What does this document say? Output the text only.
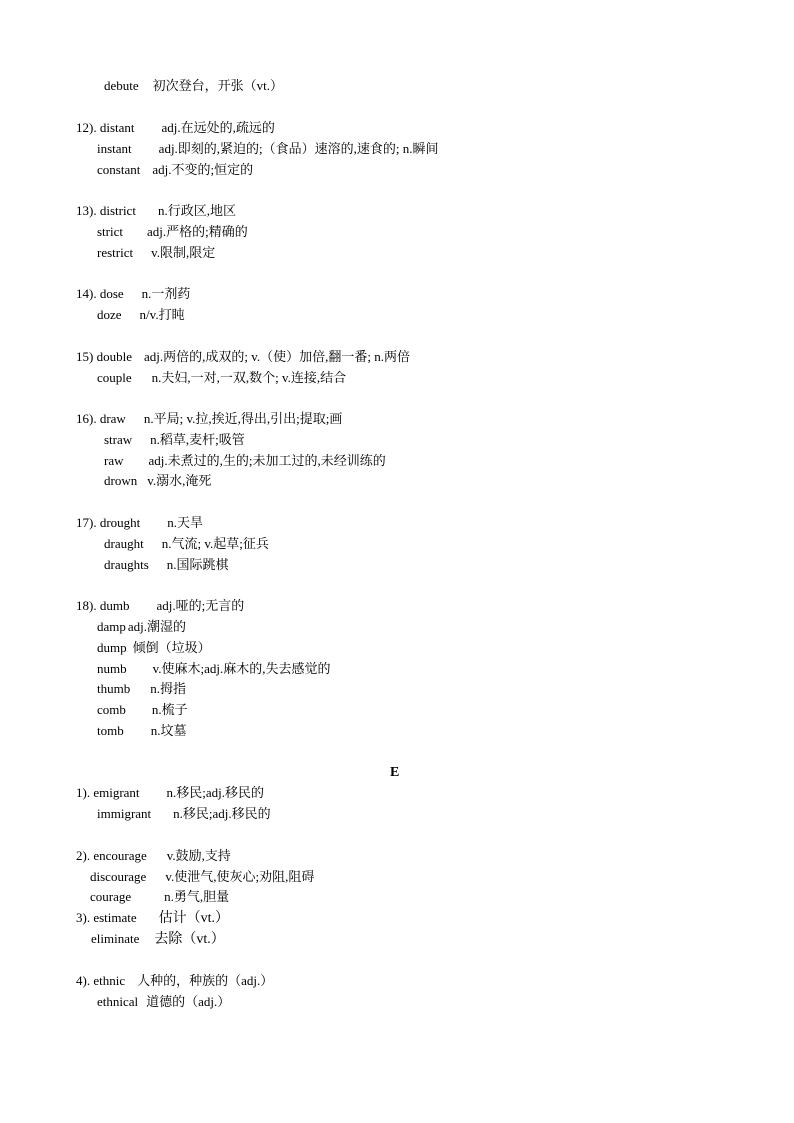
debute 初次登台，开张（vt.）
12). distant adj.在远处的,疏远的
instant adj.即刻的,紧迫的;（食品）速溶的,速食的; n.瞬间
constant adj.不变的;恒定的
13). district n.行政区,地区
strict adj.严格的;精确的
restrict v.限制,限定
14). dose n.一剂药
doze n/v.打盹
15) double adj.两倍的,成双的; v.（使）加倍,翻一番; n.两倍
couple n.夫妇,一对,一双,数个; v.连接,结合
16). draw n.平局; v.拉,挨近,得出,引出;提取;画
straw n.稻草,麦杆;吸管
raw adj.未煮过的,生的;未加工过的,未经训练的
drown v.溺水,淹死
17). drought n.天旱
draught n.气流; v.起草;征兵
draughts n.国际跳棋
18). dumb adj.哑的;无言的
damp adj.潮湿的
dump 倾倒（垃圾）
numb v.使麻木;adj.麻木的,失去感觉的
thumb n.拇指
comb n.梳子
tomb n.坟墓
E
1). emigrant n.移民;adj.移民的
immigrant n.移民;adj.移民的
2). encourage v.鼓励,支持
discourage v.使泄气,使灰心;劝阻,阻碍
courage	n.勇气,胆量
3). estimate 估计（vt.）
eliminate 去除（vt.）
4). ethnic 人种的，种族的（adj.）
ethnical 道德的（adj.）
